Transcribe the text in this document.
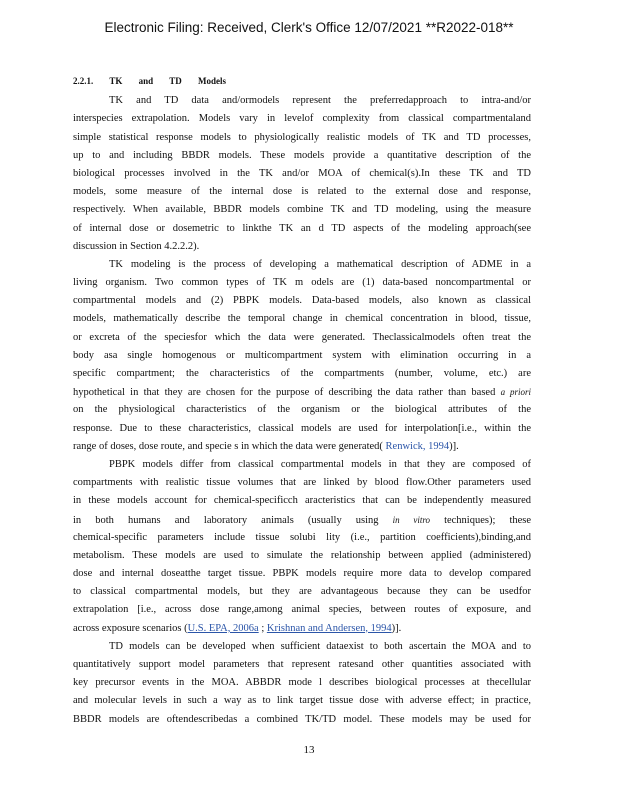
Electronic Filing: Received, Clerk's Office 12/07/2021 **R2022-018**
2.2.1. TK and TD Models
TK and TD data and/ormodels represent the preferredapproach to intra-and/or
interspecies extrapolation. Models vary in levelof complexity from classical compartmentaland
simple statistical response models to physiologically realistic models of TK and TD processes,
up to and including BBDR models. These models provide a quantitative description of the
biological processes involved in the TK and/or MOA of chemical(s).In these TK and TD
models, some measure of the internal dose is related to the external dose and response,
respectively. When available, BBDR models combine TK and TD modeling, using the measure
of internal dose or dosemetric to linkthe TK an d TD aspects of the modeling approach(see
discussion in Section 4.2.2.2).
TK modeling is the process of developing a mathematical description of ADME in a
living organism. Two common types of TK m odels are (1) data-based noncompartmental or
compartmental models and (2) PBPK models. Data-based models, also known as classical
models, mathematically describe the temporal change in chemical concentration in blood, tissue,
or excreta of the speciesfor which the data were generated. Theclassicalmodels often treat the
body asa single homogenous or multicompartment system with elimination occurring in a
specific compartment; the characteristics of the compartments (number, volume, etc.) are
hypothetical in that they are chosen for the purpose of describing the data rather than based a priori
on the physiological characteristics of the organism or the biological attributes of the
response. Due to these characteristics, classical models are used for interpolation[i.e., within the
range of doses, dose route, and specie s in which the data were generated( Renwick, 1994)].
PBPK models differ from classical compartmental models in that they are composed of
compartments with realistic tissue volumes that are linked by blood flow.Other parameters used
in these models account for chemical-specificch aracteristics that can be independently measured
in both humans and laboratory animals (usually using in vitro techniques); these
chemical-specific parameters include tissue solubi lity (i.e., partition coefficients),binding,and
metabolism. These models are used to simulate the relationship between applied (administered)
dose and internal doseatthe target tissue. PBPK models require more data to develop compared
to classical compartmental models, but they are advantageous because they can be usedfor
extrapolation [i.e., across dose range,among animal species, between routes of exposure, and
across exposure scenarios (U.S. EPA, 2006a ; Krishnan and Andersen, 1994)].
TD models can be developed when sufficient dataexist to both ascertain the MOA and to
quantitatively support model parameters that represent ratesand other quantities associated with
key precursor events in the MOA. ABBDR mode l describes biological processes at thecellular
and molecular levels in such a way as to link target tissue dose with adverse effect; in practice,
BBDR models are oftendescribedas a combined TK/TD model. These models may be used for
13
